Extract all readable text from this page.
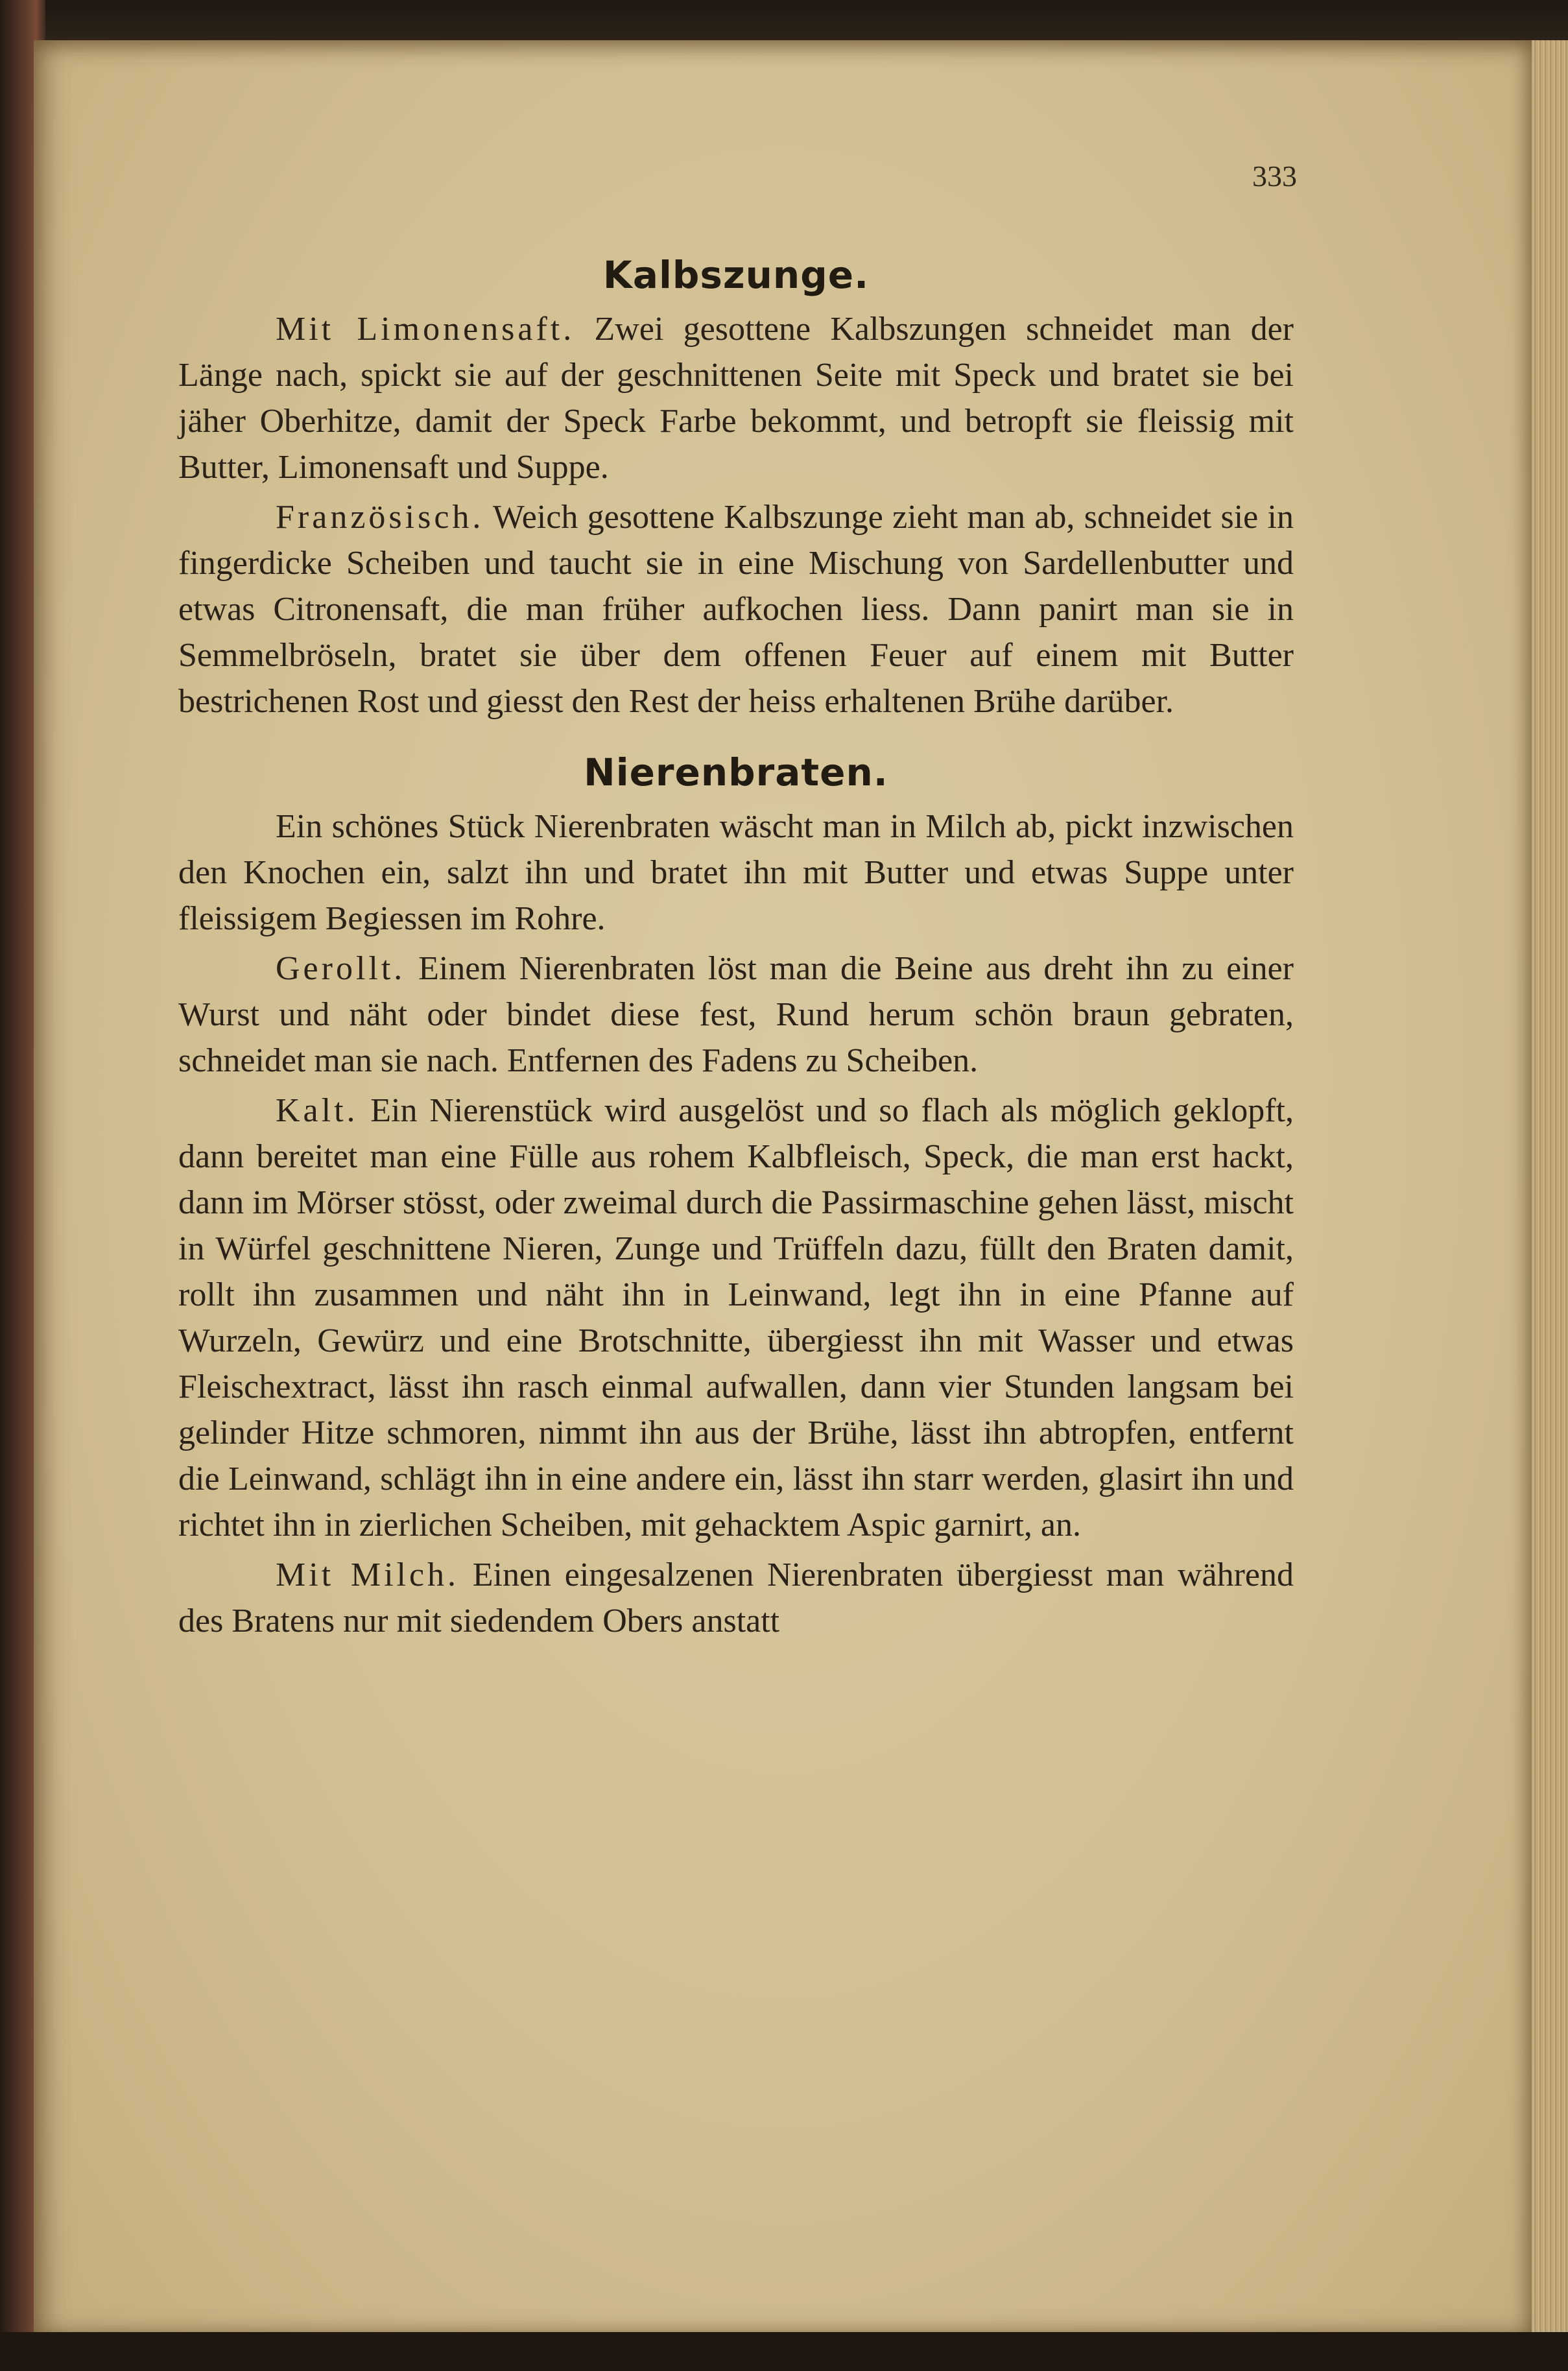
333
Kalbszunge.

Mit Limonensaft. Zwei gesottene Kalbszungen schneidet man der Länge nach, spickt sie auf der geschnittenen Seite mit Speck und bratet sie bei jäher Oberhitze, damit der Speck Farbe bekommt, und betropft sie fleissig mit Butter, Limonensaft und Suppe.

Französisch. Weich gesottene Kalbszunge zieht man ab, schneidet sie in fingerdicke Scheiben und taucht sie in eine Mischung von Sardellenbutter und etwas Citronensaft, die man früher aufkochen liess. Dann panirt man sie in Semmelbröseln, bratet sie über dem offenen Feuer auf einem mit Butter bestrichenen Rost und giesst den Rest der heiss erhaltenen Brühe darüber.

Nierenbraten.

Ein schönes Stück Nierenbraten wäscht man in Milch ab, pickt inzwischen den Knochen ein, salzt ihn und bratet ihn mit Butter und etwas Suppe unter fleissigem Begiessen im Rohre.

Gerollt. Einem Nierenbraten löst man die Beine aus dreht ihn zu einer Wurst und näht oder bindet diese fest, Rund herum schön braun gebraten, schneidet man sie nach. Entfernen des Fadens zu Scheiben.

Kalt. Ein Nierenstück wird ausgelöst und so flach als möglich geklopft, dann bereitet man eine Fülle aus rohem Kalbfleisch, Speck, die man erst hackt, dann im Mörser stösst, oder zweimal durch die Passirmaschine gehen lässt, mischt in Würfel geschnittene Nieren, Zunge und Trüffeln dazu, füllt den Braten damit, rollt ihn zusammen und näht ihn in Leinwand, legt ihn in eine Pfanne auf Wurzeln, Gewürz und eine Brotschnitte, übergiesst ihn mit Wasser und etwas Fleischextract, lässt ihn rasch einmal aufwallen, dann vier Stunden langsam bei gelinder Hitze schmoren, nimmt ihn aus der Brühe, lässt ihn abtropfen, entfernt die Leinwand, schlägt ihn in eine andere ein, lässt ihn starr werden, glasirt ihn und richtet ihn in zierlichen Scheiben, mit gehacktem Aspic garnirt, an.

Mit Milch. Einen eingesalzenen Nierenbraten übergiesst man während des Bratens nur mit siedendem Obers anstatt
